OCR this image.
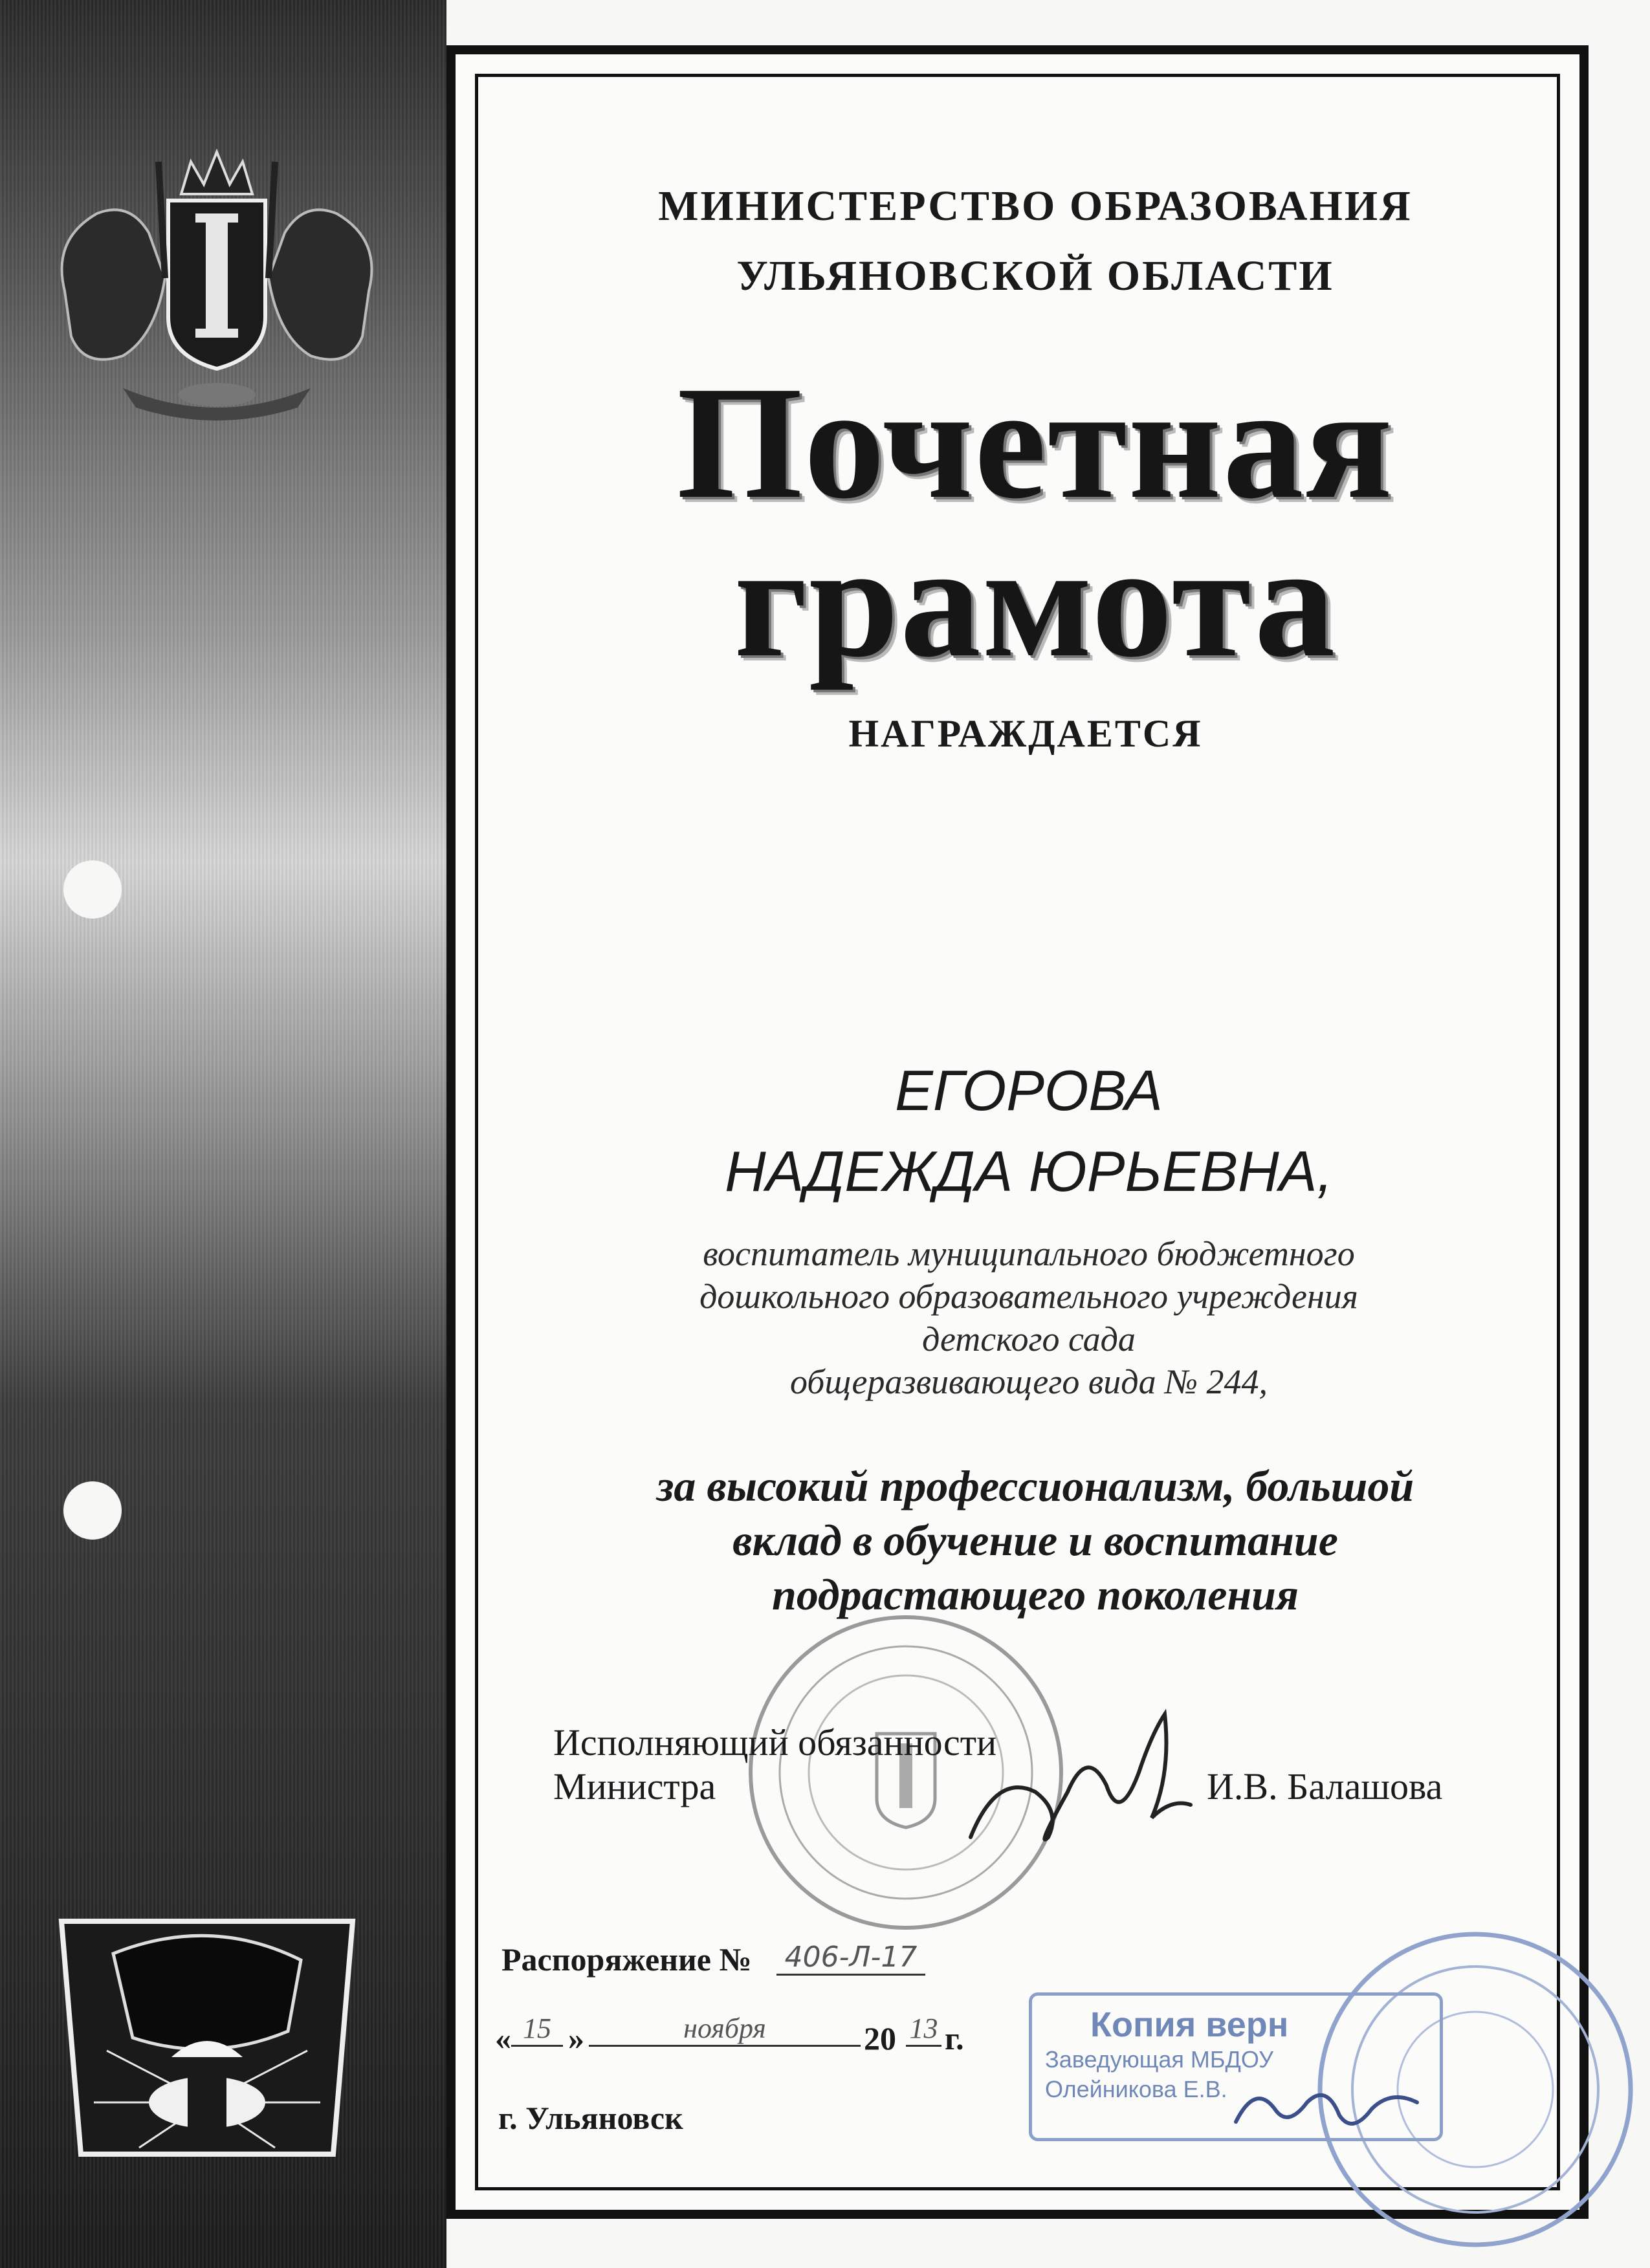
МИНИСТЕРСТВО ОБРАЗОВАНИЯ
УЛЬЯНОВСКОЙ ОБЛАСТИ
Почетная
грамота
НАГРАЖДАЕТСЯ
ЕГОРОВА
НАДЕЖДА ЮРЬЕВНА,
воспитатель муниципального бюджетного
дошкольного образовательного учреждения
детского сада
общеразвивающего вида № 244,
за высокий профессионализм, большой
вклад в обучение и воспитание
подрастающего поколения
Исполняющий обязанности
Министра	И.В. Балашова
Распоряжение № 406-Л-17
« 15 »	ноября	20 13 г.
г. Ульяновск
Копия верн
Заведующая МБДОУ
Олейникова Е.В.
